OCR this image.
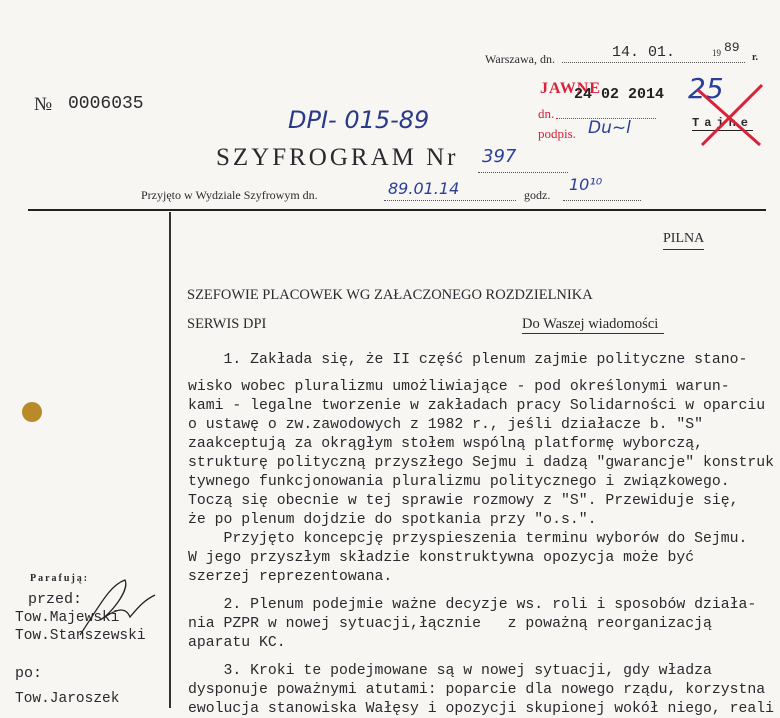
Warszawa, dn.

	14. 01.

	19

89

r.
№ 0006035
DPI- 015-89
JAWNE
24 02 2014
dn.
podpis. Du~l
25
Tajne
SZYFROGRAM Nr 397
Przyjęto w Wydziale Szyfrowym dn.	89.01.14	godz.
10¹⁰
PILNA
SZEFOWIE PLACOWEK WG ZAŁACZONEGO ROZDZIELNIKA
SERWIS DPI	Do Waszej wiadomości
1. Zakłada się, że II część plenum zajmie polityczne stano-
wisko wobec pluralizmu umożliwiające - pod określonymi warun-
kami - legalne tworzenie w zakładach pracy Solidarności w oparciu
o ustawę o zw.zawodowych z 1982 r., jeśli działacze b. "S"
zaakceptują za okrągłym stołem wspólną platformę wyborczą,
strukturę polityczną przyszłego Sejmu i dadzą "gwarancje" konstruk
tywnego funkcjonowania pluralizmu politycznego i związkowego.
Toczą się obecnie w tej sprawie rozmowy z "S". Przewiduje się,
że po plenum dojdzie do spotkania przy "o.s.".
Przyjęto koncepcję przyspieszenia terminu wyborów do Sejmu.
W jego przyszłym składzie konstruktywna opozycja może być
szerzej reprezentowana.
2. Plenum podejmie ważne decyzje ws. roli i sposobów działa-
nia PZPR w nowej sytuacji,łącznie   z poważną reorganizacją
aparatu KC.
3. Kroki te podejmowane są w nowej sytuacji, gdy władza
dysponuje poważnymi atutami: poparcie dla nowego rządu, korzystna
ewolucja stanowiska Wałęsy i opozycji skupionej wokół niego, reali
Parafują:
przed:
Tow.Majewski
Tow.Stanszewski
po:
Tow.Jaroszek
